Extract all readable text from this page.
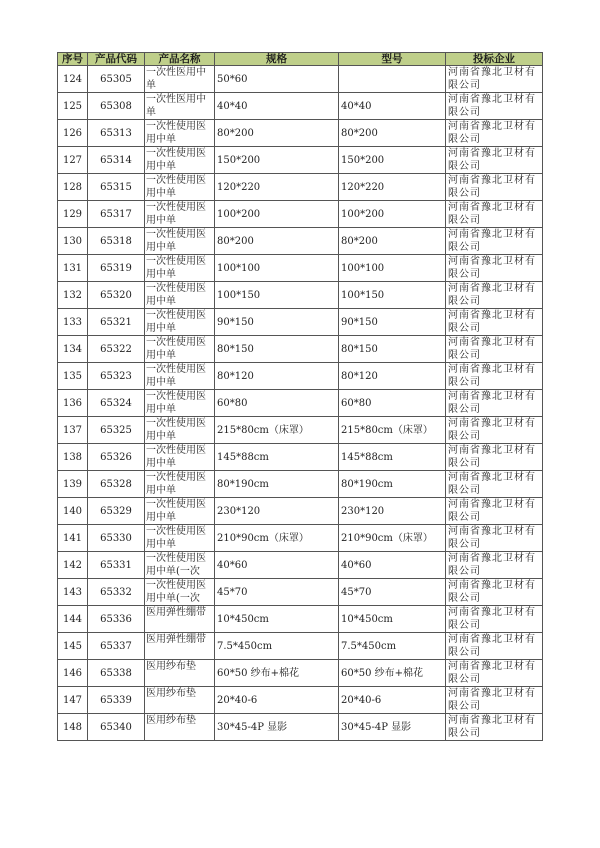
序号	产品代码	产品名称	规格	型号	投标企业
124	65305	一次性医用中单	50*60		河南省豫北卫材有限公司

125	65308	一次性医用中单	40*40	40*40	河南省豫北卫材有限公司

126	65313	一次性使用医用中单	80*200	80*200	河南省豫北卫材有限公司

127	65314	一次性使用医用中单	150*200	150*200	河南省豫北卫材有限公司

128	65315	一次性使用医用中单	120*220	120*220	河南省豫北卫材有限公司

129	65317	一次性使用医用中单	100*200	100*200	河南省豫北卫材有限公司

130	65318	一次性使用医用中单	80*200	80*200	河南省豫北卫材有限公司

131	65319	一次性使用医用中单	100*100	100*100	河南省豫北卫材有限公司

132	65320	一次性使用医用中单	100*150	100*150	河南省豫北卫材有限公司

133	65321	一次性使用医用中单	90*150	90*150	河南省豫北卫材有限公司

134	65322	一次性使用医用中单	80*150	80*150	河南省豫北卫材有限公司

135	65323	一次性使用医用中单	80*120	80*120	河南省豫北卫材有限公司

136	65324	一次性使用医用中单	60*80	60*80	河南省豫北卫材有限公司

137	65325	一次性使用医用中单	215*80cm（床罩）	215*80cm（床罩）	河南省豫北卫材有限公司

138	65326	一次性使用医用中单	145*88cm	145*88cm	河南省豫北卫材有限公司

139	65328	一次性使用医用中单	80*190cm	80*190cm	河南省豫北卫材有限公司

140	65329	一次性使用医用中单	230*120	230*120	河南省豫北卫材有限公司

141	65330	一次性使用医用中单	210*90cm（床罩）	210*90cm（床罩）	河南省豫北卫材有限公司

142	65331	一次性使用医用中单(一次	40*60	40*60	河南省豫北卫材有限公司

143	65332	一次性使用医用中单(一次	45*70	45*70	河南省豫北卫材有限公司

144	65336	医用弹性绷带	10*450cm	10*450cm	河南省豫北卫材有限公司

145	65337	医用弹性绷带	7.5*450cm	7.5*450cm	河南省豫北卫材有限公司

146	65338	医用纱布垫	60*50 纱布+棉花	60*50 纱布+棉花	河南省豫北卫材有限公司

147	65339	医用纱布垫	20*40-6	20*40-6	河南省豫北卫材有限公司

148	65340	医用纱布垫	30*45-4P 显影	30*45-4P 显影	河南省豫北卫材有限公司
